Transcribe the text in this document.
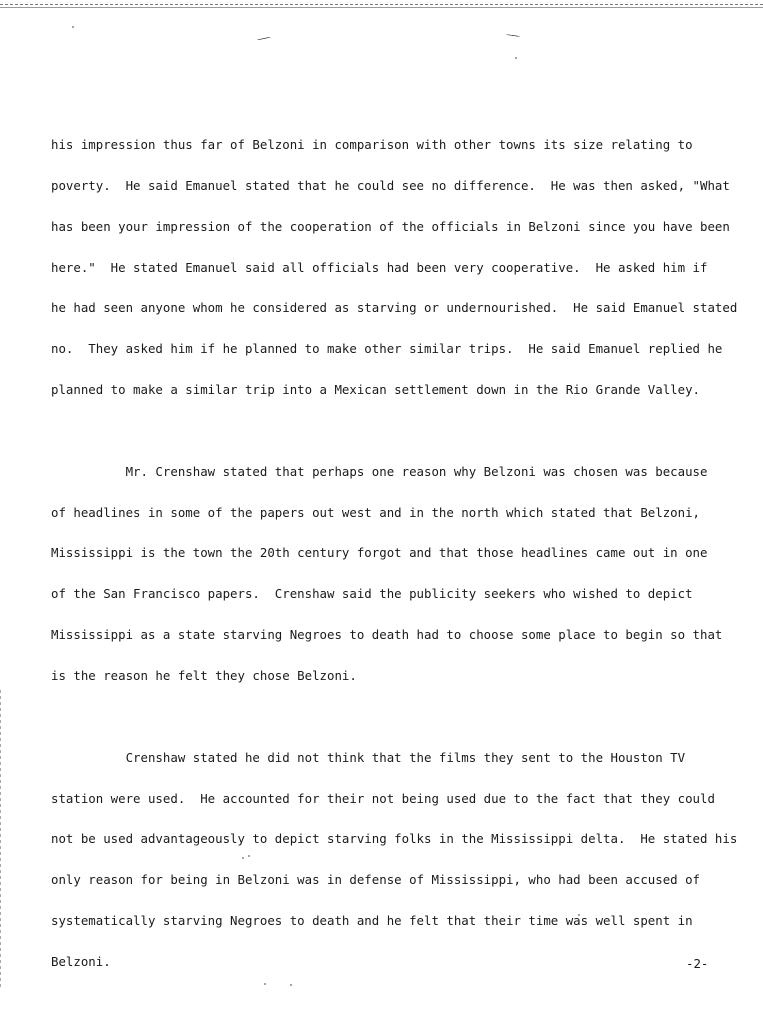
his impression thus far of Belzoni in comparison with other towns its size relating to

poverty.  He said Emanuel stated that he could see no difference.  He was then asked, "What

has been your impression of the cooperation of the officials in Belzoni since you have been

here."  He stated Emanuel said all officials had been very cooperative.  He asked him if

he had seen anyone whom he considered as starving or undernourished.  He said Emanuel stated

no.  They asked him if he planned to make other similar trips.  He said Emanuel replied he

planned to make a similar trip into a Mexican settlement down in the Rio Grande Valley.

Mr. Crenshaw stated that perhaps one reason why Belzoni was chosen was because

of headlines in some of the papers out west and in the north which stated that Belzoni,

Mississippi is the town the 20th century forgot and that those headlines came out in one

of the San Francisco papers.  Crenshaw said the publicity seekers who wished to depict

Mississippi as a state starving Negroes to death had to choose some place to begin so that

is the reason he felt they chose Belzoni.

Crenshaw stated he did not think that the films they sent to the Houston TV

station were used.  He accounted for their not being used due to the fact that they could

not be used advantageously to depict starving folks in the Mississippi delta.  He stated his

only reason for being in Belzoni was in defense of Mississippi, who had been accused of

systematically starving Negroes to death and he felt that their time was well spent in

Belzoni.

	-2-
